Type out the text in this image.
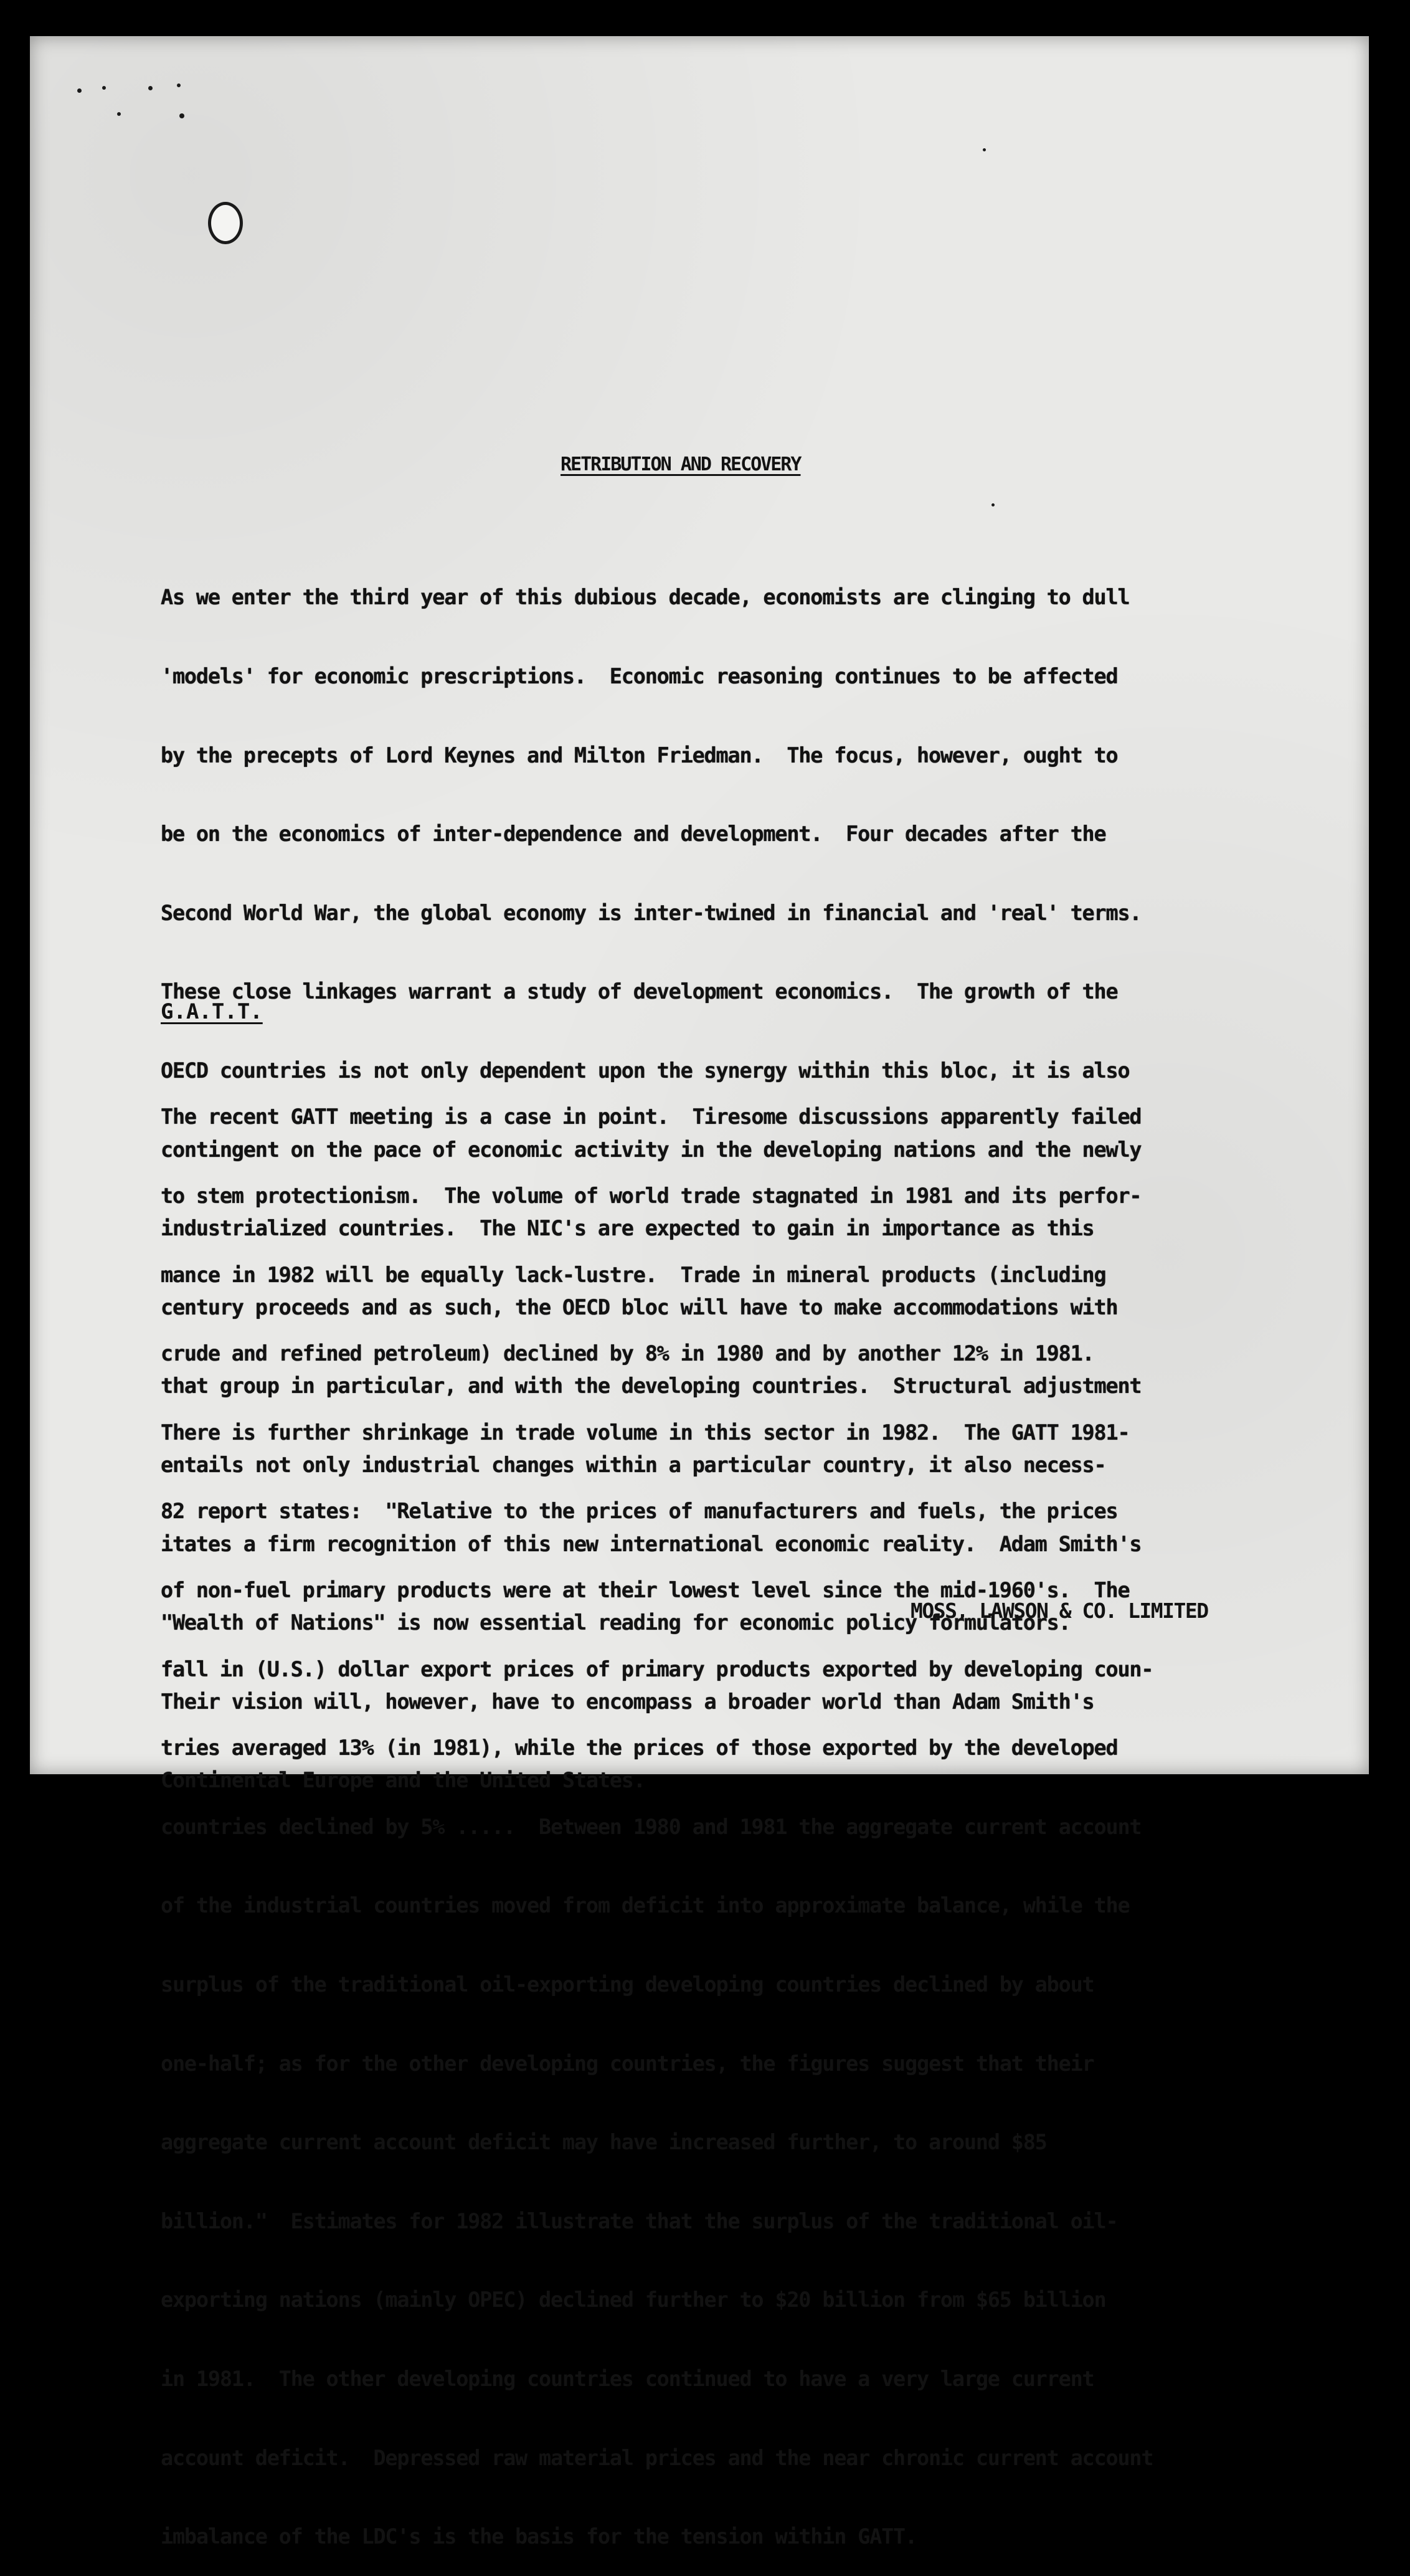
RETRIBUTION AND RECOVERY

As we enter the third year of this dubious decade, economists are clinging to dull

'models' for economic prescriptions.  Economic reasoning continues to be affected

by the precepts of Lord Keynes and Milton Friedman.  The focus, however, ought to

be on the economics of inter-dependence and development.  Four decades after the

Second World War, the global economy is inter-twined in financial and 'real' terms.

These close linkages warrant a study of development economics.  The growth of the

OECD countries is not only dependent upon the synergy within this bloc, it is also

contingent on the pace of economic activity in the developing nations and the newly

industrialized countries.  The NIC's are expected to gain in importance as this

century proceeds and as such, the OECD bloc will have to make accommodations with

that group in particular, and with the developing countries.  Structural adjustment

entails not only industrial changes within a particular country, it also necess-

itates a firm recognition of this new international economic reality.  Adam Smith's

"Wealth of Nations" is now essential reading for economic policy formulators.

Their vision will, however, have to encompass a broader world than Adam Smith's

Continental Europe and the United States.

G.A.T.T.

The recent GATT meeting is a case in point.  Tiresome discussions apparently failed

to stem protectionism.  The volume of world trade stagnated in 1981 and its perfor-

mance in 1982 will be equally lack-lustre.  Trade in mineral products (including

crude and refined petroleum) declined by 8% in 1980 and by another 12% in 1981.

There is further shrinkage in trade volume in this sector in 1982.  The GATT 1981-

82 report states:  "Relative to the prices of manufacturers and fuels, the prices

of non-fuel primary products were at their lowest level since the mid-1960's.  The

fall in (U.S.) dollar export prices of primary products exported by developing coun-

tries averaged 13% (in 1981), while the prices of those exported by the developed

countries declined by 5% .....  Between 1980 and 1981 the aggregate current account

of the industrial countries moved from deficit into approximate balance, while the

surplus of the traditional oil-exporting developing countries declined by about

one-half; as for the other developing countries, the figures suggest that their

aggregate current account deficit may have increased further, to around $85

billion."  Estimates for 1982 illustrate that the surplus of the traditional oil-

exporting nations (mainly OPEC) declined further to $20 billion from $65 billion

in 1981.  The other developing countries continued to have a very large current

account deficit.  Depressed raw material prices and the near chronic current account

imbalance of the LDC's is the basis for the tension within GATT.

MOSS, LAWSON & CO. LIMITED
